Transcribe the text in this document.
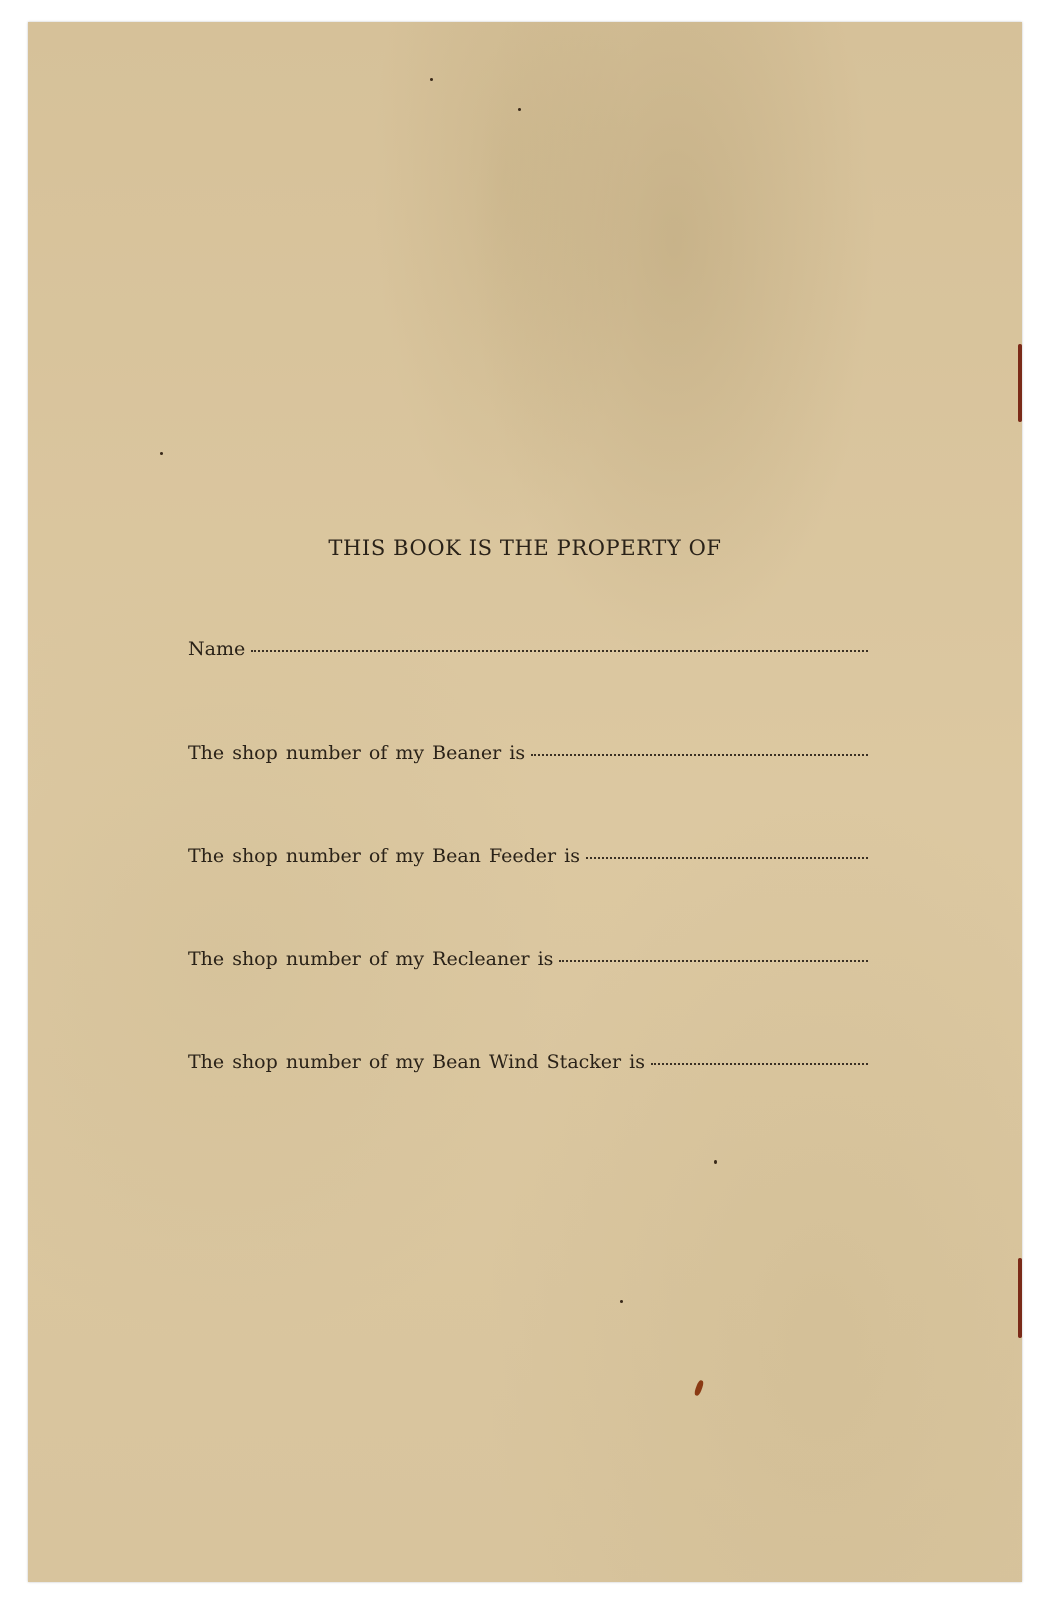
THIS BOOK IS THE PROPERTY OF
Name
The shop number of my Beaner is
The shop number of my Bean Feeder is
The shop number of my Recleaner is
The shop number of my Bean Wind Stacker is
